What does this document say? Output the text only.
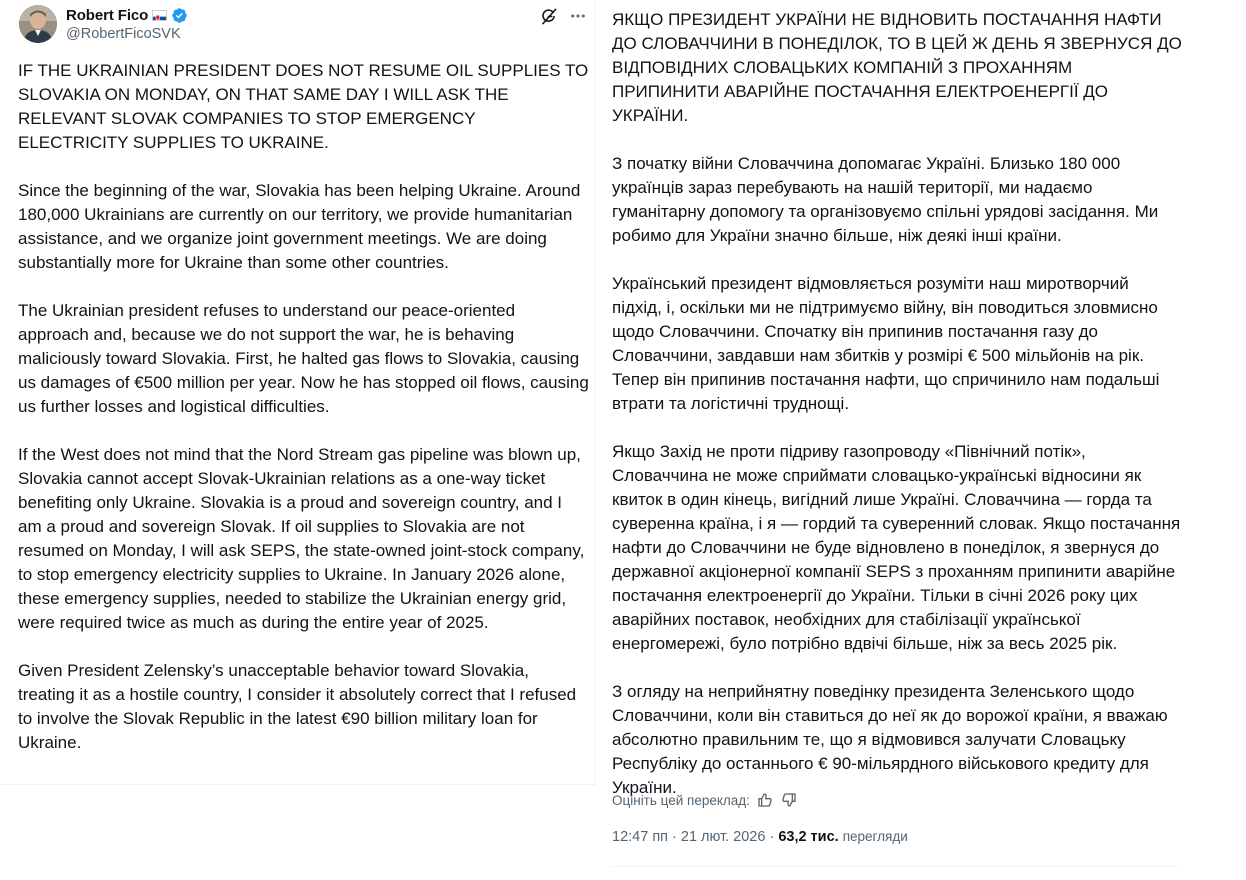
Robert Fico
@RobertFicoSVK

IF THE UKRAINIAN PRESIDENT DOES NOT RESUME OIL SUPPLIES TO SLOVAKIA ON MONDAY, ON THAT SAME DAY I WILL ASK THE RELEVANT SLOVAK COMPANIES TO STOP EMERGENCY ELECTRICITY SUPPLIES TO UKRAINE.

Since the beginning of the war, Slovakia has been helping Ukraine. Around 180,000 Ukrainians are currently on our territory, we provide humanitarian assistance, and we organize joint government meetings. We are doing substantially more for Ukraine than some other countries.

The Ukrainian president refuses to understand our peace-oriented approach and, because we do not support the war, he is behaving maliciously toward Slovakia. First, he halted gas flows to Slovakia, causing us damages of €500 million per year. Now he has stopped oil flows, causing us further losses and logistical difficulties.

If the West does not mind that the Nord Stream gas pipeline was blown up, Slovakia cannot accept Slovak-Ukrainian relations as a one-way ticket benefiting only Ukraine. Slovakia is a proud and sovereign country, and I am a proud and sovereign Slovak. If oil supplies to Slovakia are not resumed on Monday, I will ask SEPS, the state-owned joint-stock company, to stop emergency electricity supplies to Ukraine. In January 2026 alone, these emergency supplies, needed to stabilize the Ukrainian energy grid, were required twice as much as during the entire year of 2025.

Given President Zelensky’s unacceptable behavior toward Slovakia, treating it as a hostile country, I consider it absolutely correct that I refused to involve the Slovak Republic in the latest €90 billion military loan for Ukraine.

ЯКЩО ПРЕЗИДЕНТ УКРАЇНИ НЕ ВІДНОВИТЬ ПОСТАЧАННЯ НАФТИ ДО СЛОВАЧЧИНИ В ПОНЕДІЛОК, ТО В ЦЕЙ Ж ДЕНЬ Я ЗВЕРНУСЯ ДО ВІДПОВІДНИХ СЛОВАЦЬКИХ КОМПАНІЙ З ПРОХАННЯМ ПРИПИНИТИ АВАРІЙНЕ ПОСТАЧАННЯ ЕЛЕКТРОЕНЕРГІЇ ДО УКРАЇНИ.

З початку війни Словаччина допомагає Україні. Близько 180 000 українців зараз перебувають на нашій території, ми надаємо гуманітарну допомогу та організовуємо спільні урядові засідання. Ми робимо для України значно більше, ніж деякі інші країни.

Український президент відмовляється розуміти наш миротворчий підхід, і, оскільки ми не підтримуємо війну, він поводиться зловмисно щодо Словаччини. Спочатку він припинив постачання газу до Словаччини, завдавши нам збитків у розмірі € 500 мільйонів на рік. Тепер він припинив постачання нафти, що спричинило нам подальші втрати та логістичні труднощі.

Якщо Захід не проти підриву газопроводу «Північний потік», Словаччина не може сприймати словацько-українські відносини як квиток в один кінець, вигідний лише Україні. Словаччина — горда та суверенна країна, і я — гордий та суверенний словак. Якщо постачання нафти до Словаччини не буде відновлено в понеділок, я звернуся до державної акціонерної компанії SEPS з проханням припинити аварійне постачання електроенергії до України. Тільки в січні 2026 року цих аварійних поставок, необхідних для стабілізації української енергомережі, було потрібно вдвічі більше, ніж за весь 2025 рік.

З огляду на неприйнятну поведінку президента Зеленського щодо Словаччини, коли він ставиться до неї як до ворожої країни, я вважаю абсолютно правильним те, що я відмовився залучати Словацьку Республіку до останнього € 90-мільярдного військового кредиту для України.

Оцініть цей переклад:
12:47 пп · 21 лют. 2026 · 63,2 тис. перегляди
